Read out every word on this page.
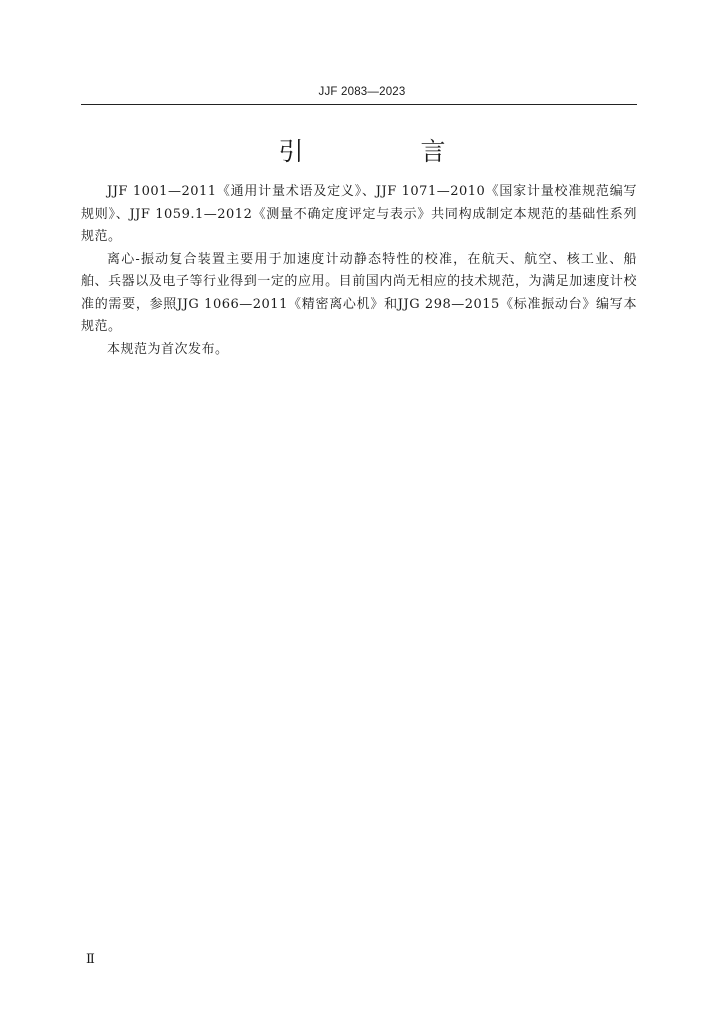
JJF 2083—2023
引　言

JJF 1001—2011《通用计量术语及定义》、JJF 1071—2010《国家计量校准规范编写规则》、JJF 1059.1—2012《测量不确定度评定与表示》共同构成制定本规范的基础性系列规范。

离心-振动复合装置主要用于加速度计动静态特性的校准，在航天、航空、核工业、船舶、兵器以及电子等行业得到一定的应用。目前国内尚无相应的技术规范，为满足加速度计校准的需要，参照JJG 1066—2011《精密离心机》和JJG 298—2015《标准振动台》编写本规范。

本规范为首次发布。

Ⅱ
